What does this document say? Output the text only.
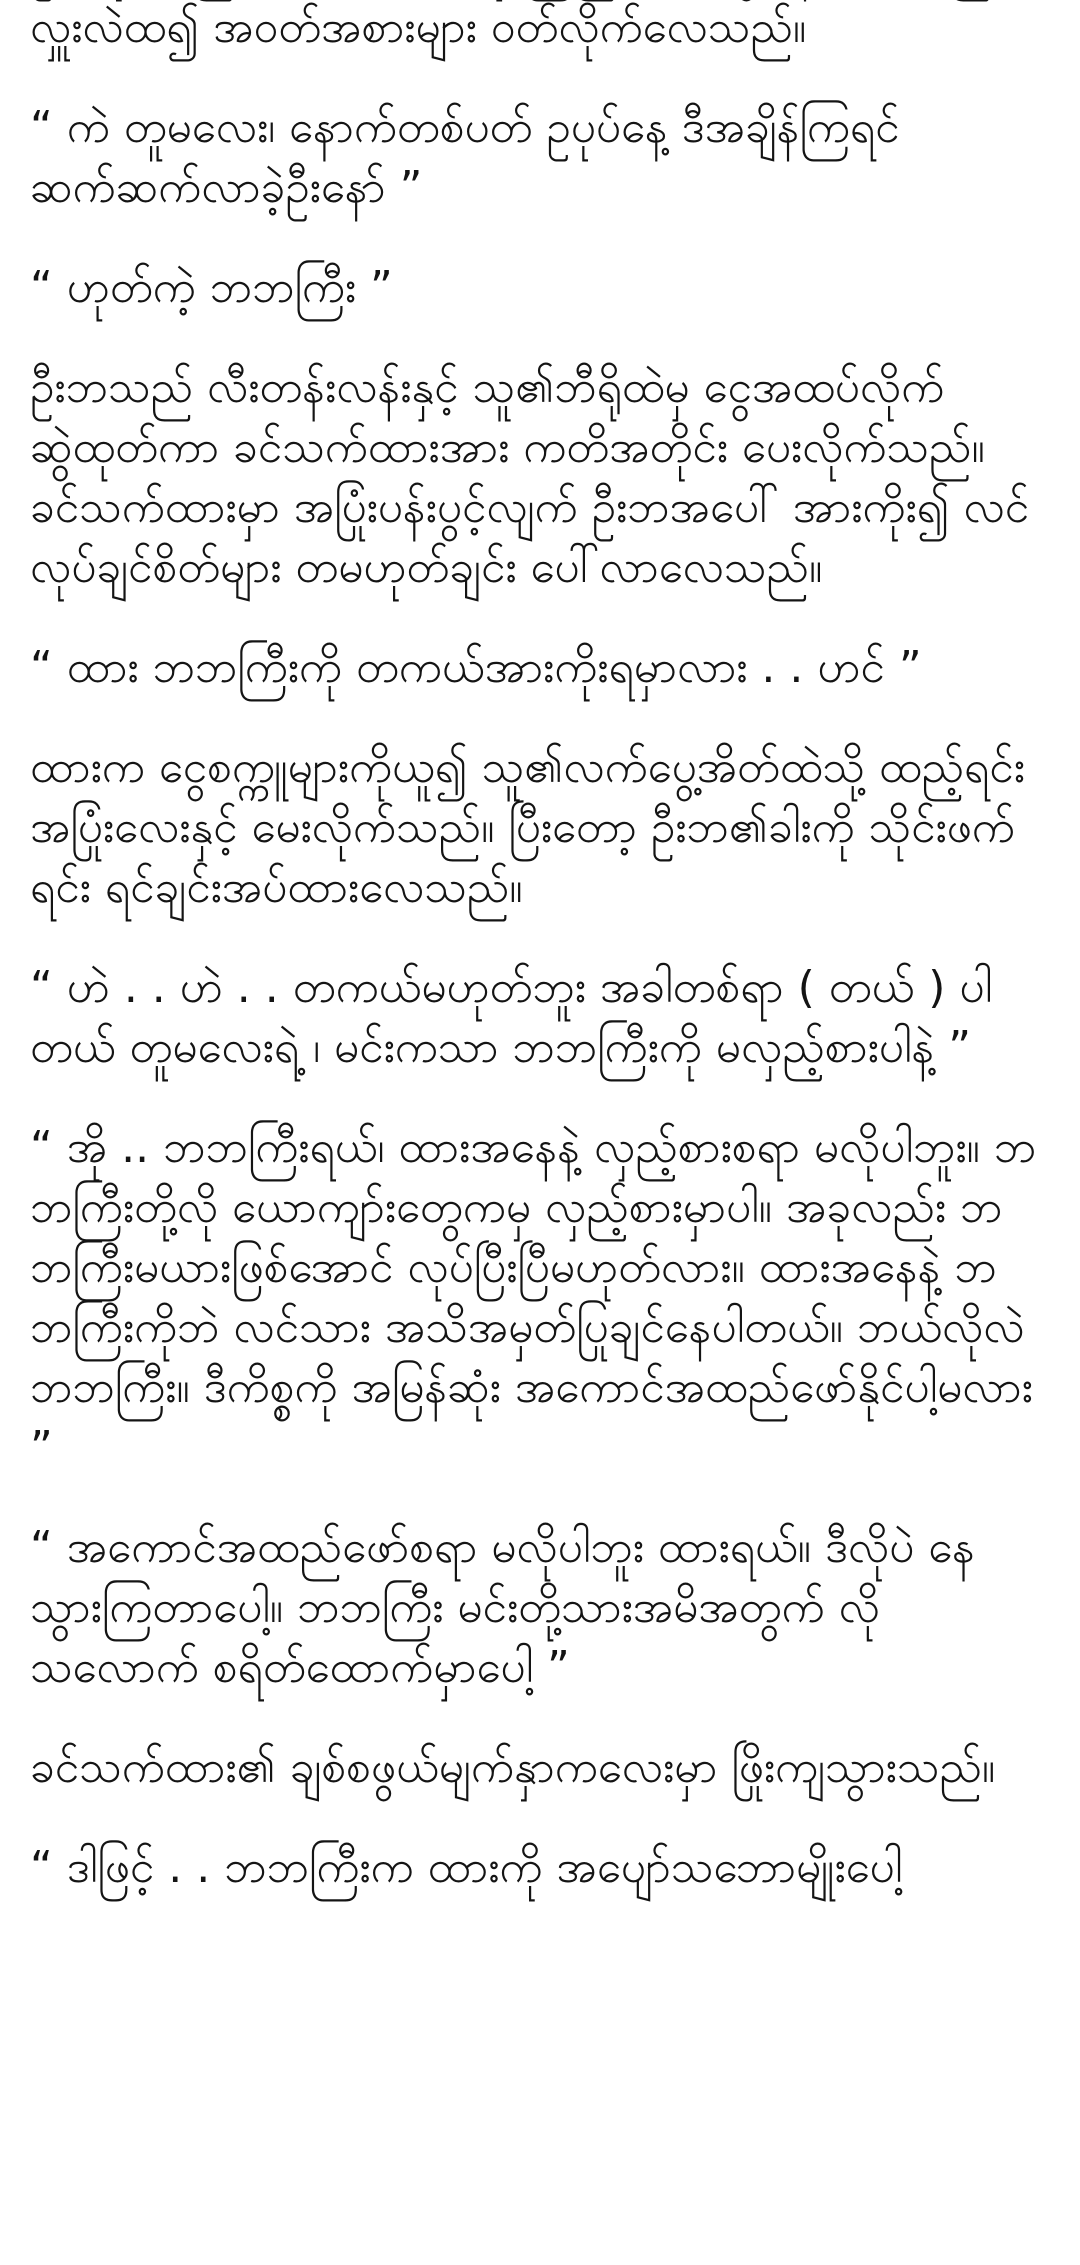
လှူးလဲထ၍ အဝတ်အစားများ ဝတ်လိုက်လေသည်။

“ ကဲ တူမလေး၊ နောက်တစ်ပတ် ဥပုပ်နေ့ ဒီအချိန်ကြရင် ဆက်ဆက်လာခဲ့ဦးနော် ”

“ ဟုတ်ကဲ့ ဘဘကြီး ”

ဦးဘသည် လီးတန်းလန်းနှင့် သူ၏ဘီရိုထဲမှ ငွေအထပ်လိုက် ဆွဲထုတ်ကာ ခင်သက်ထားအား ကတိအတိုင်း ပေးလိုက်သည်။ ခင်သက်ထားမှာ အပြုံးပန်းပွင့်လျက် ဦးဘအပေါ် အားကိုး၍ လင်လုပ်ချင်စိတ်များ တမဟုတ်ချင်း ပေါ်လာလေသည်။

“ ထား ဘဘကြီးကို တကယ်အားကိုးရမှာလား . . ဟင် ”

ထားက ငွေစက္ကူများကိုယူ၍ သူ၏လက်ပွေ့အိတ်ထဲသို့ ထည့်ရင်း အပြုံးလေးနှင့် မေးလိုက်သည်။ ပြီးတော့ ဦးဘ၏ခါးကို သိုင်းဖက်ရင်း ရင်ချင်းအပ်ထားလေသည်။

“ ဟဲ . . ဟဲ . . တကယ်မဟုတ်ဘူး အခါတစ်ရာ ( တယ် ) ပါတယ် တူမလေးရဲ့ ၊ မင်းကသာ ဘဘကြီးကို မလှည့်စားပါနဲ့ ”

“ အို .. ဘဘကြီးရယ်၊ ထားအနေနဲ့ လှည့်စားစရာ မလိုပါဘူး။ ဘဘကြီးတို့လို ယောကျာ်းတွေကမှ လှည့်စားမှာပါ။ အခုလည်း ဘဘကြီးမယားဖြစ်အောင် လုပ်ပြီးပြီမဟုတ်လား။ ထားအနေနဲ့ ဘဘကြီးကိုဘဲ လင်သား အသိအမှတ်ပြုချင်နေပါတယ်။ ဘယ်လိုလဲ ဘဘကြီး။ ဒီကိစ္စကို အမြန်ဆုံး အကောင်အထည်ဖော်နိုင်ပါ့မလား ”

“ အကောင်အထည်ဖော်စရာ မလိုပါဘူး ထားရယ်။ ဒီလိုပဲ နေသွားကြတာပေါ့။ ဘဘကြီး မင်းတို့သားအမိအတွက် လိုသလောက် စရိတ်ထောက်မှာပေါ့ ”

ခင်သက်ထား၏ ချစ်စဖွယ်မျက်နှာကလေးမှာ ဖြိုးကျသွားသည်။

“ ဒါဖြင့် . . ဘဘကြီးက ထားကို အပျော်သဘောမျိုးပေါ့
